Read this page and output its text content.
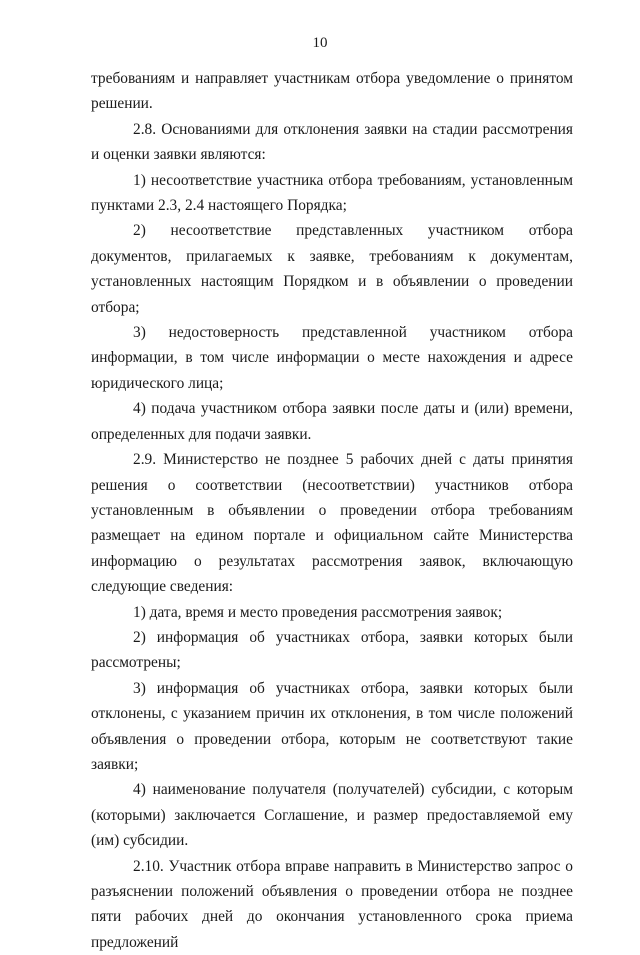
10

требованиям и направляет участникам отбора уведомление о принятом решении.

2.8. Основаниями для отклонения заявки на стадии рассмотрения и оценки заявки являются:

1) несоответствие участника отбора требованиям, установленным пунктами 2.3, 2.4 настоящего Порядка;

2) несоответствие представленных участником отбора документов, прилагаемых к заявке, требованиям к документам, установленных настоящим Порядком и в объявлении о проведении отбора;

3) недостоверность представленной участником отбора информации, в том числе информации о месте нахождения и адресе юридического лица;

4) подача участником отбора заявки после даты и (или) времени, определенных для подачи заявки.

2.9. Министерство не позднее 5 рабочих дней с даты принятия решения о соответствии (несоответствии) участников отбора установленным в объявлении о проведении отбора требованиям размещает на едином портале и официальном сайте Министерства информацию о результатах рассмотрения заявок, включающую следующие сведения:

1) дата, время и место проведения рассмотрения заявок;

2) информация об участниках отбора, заявки которых были рассмотрены;

3) информация об участниках отбора, заявки которых были отклонены, с указанием причин их отклонения, в том числе положений объявления о проведении отбора, которым не соответствуют такие заявки;

4) наименование получателя (получателей) субсидии, с которым (которыми) заключается Соглашение, и размер предоставляемой ему (им) субсидии.

2.10. Участник отбора вправе направить в Министерство запрос о разъяснении положений объявления о проведении отбора не позднее пяти рабочих дней до окончания установленного срока приема предложений
